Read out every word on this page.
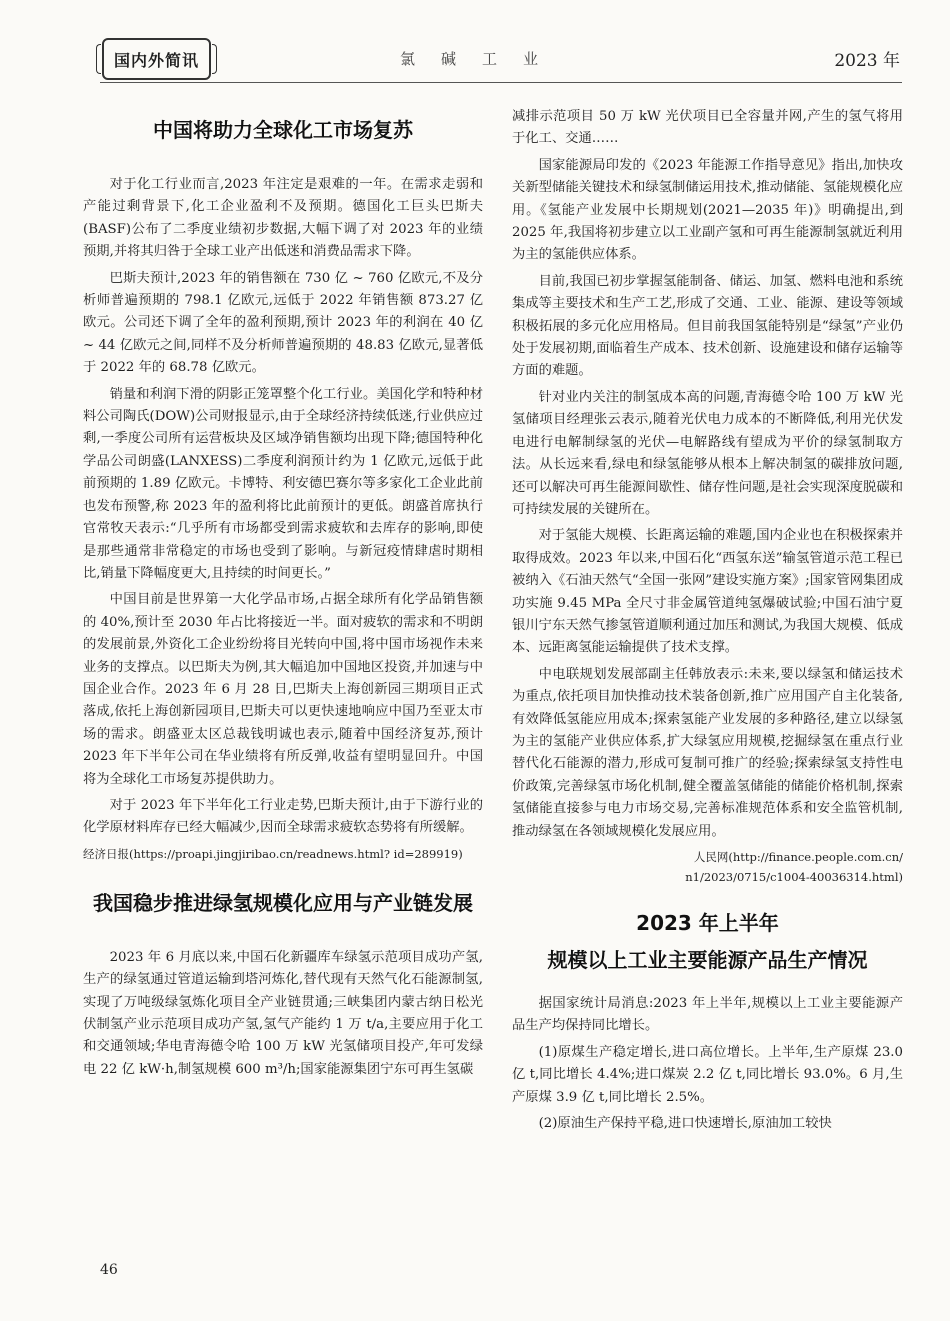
国内外简讯	氯碱工业	2023 年
中国将助力全球化工市场复苏

对于化工行业而言,2023 年注定是艰难的一年。在需求走弱和产能过剩背景下,化工企业盈利不及预期。德国化工巨头巴斯夫(BASF)公布了二季度业绩初步数据,大幅下调了对 2023 年的业绩预期,并将其归咎于全球工业产出低迷和消费品需求下降。

巴斯夫预计,2023 年的销售额在 730 亿 ~ 760 亿欧元,不及分析师普遍预期的 798.1 亿欧元,远低于 2022 年销售额 873.27 亿欧元。公司还下调了全年的盈利预期,预计 2023 年的利润在 40 亿 ~ 44 亿欧元之间,同样不及分析师普遍预期的 48.83 亿欧元,显著低于 2022 年的 68.78 亿欧元。

销量和利润下滑的阴影正笼罩整个化工行业。美国化学和特种材料公司陶氏(DOW)公司财报显示,由于全球经济持续低迷,行业供应过剩,一季度公司所有运营板块及区域净销售额均出现下降;德国特种化学品公司朗盛(LANXESS)二季度利润预计约为 1 亿欧元,远低于此前预期的 1.89 亿欧元。卡博特、利安德巴赛尔等多家化工企业此前也发布预警,称 2023 年的盈利将比此前预计的更低。朗盛首席执行官常牧天表示:“几乎所有市场都受到需求疲软和去库存的影响,即使是那些通常非常稳定的市场也受到了影响。与新冠疫情肆虐时期相比,销量下降幅度更大,且持续的时间更长。”

中国目前是世界第一大化学品市场,占据全球所有化学品销售额的 40%,预计至 2030 年占比将接近一半。面对疲软的需求和不明朗的发展前景,外资化工企业纷纷将目光转向中国,将中国市场视作未来业务的支撑点。以巴斯夫为例,其大幅追加中国地区投资,并加速与中国企业合作。2023 年 6 月 28 日,巴斯夫上海创新园三期项目正式落成,依托上海创新园项目,巴斯夫可以更快速地响应中国乃至亚太市场的需求。朗盛亚太区总裁钱明诚也表示,随着中国经济复苏,预计 2023 年下半年公司在华业绩将有所反弹,收益有望明显回升。中国将为全球化工市场复苏提供助力。

对于 2023 年下半年化工行业走势,巴斯夫预计,由于下游行业的化学原材料库存已经大幅减少,因而全球需求疲软态势将有所缓解。

经济日报(https://proapi.jingjiribao.cn/readnews.html? id=289919)
我国稳步推进绿氢规模化应用与产业链发展

2023 年 6 月底以来,中国石化新疆库车绿氢示范项目成功产氢,生产的绿氢通过管道运输到塔河炼化,替代现有天然气化石能源制氢,实现了万吨级绿氢炼化项目全产业链贯通;三峡集团内蒙古纳日松光伏制氢产业示范项目成功产氢,氢气产能约 1 万 t/a,主要应用于化工和交通领域;华电青海德令哈 100 万 kW 光氢储项目投产,年可发绿电 22 亿 kW·h,制氢规模 600 m³/h;国家能源集团宁东可再生氢碳

减排示范项目 50 万 kW 光伏项目已全容量并网,产生的氢气将用于化工、交通……

国家能源局印发的《2023 年能源工作指导意见》指出,加快攻关新型储能关键技术和绿氢制储运用技术,推动储能、氢能规模化应用。《氢能产业发展中长期规划(2021—2035 年)》明确提出,到 2025 年,我国将初步建立以工业副产氢和可再生能源制氢就近利用为主的氢能供应体系。

目前,我国已初步掌握氢能制备、储运、加氢、燃料电池和系统集成等主要技术和生产工艺,形成了交通、工业、能源、建设等领域积极拓展的多元化应用格局。但目前我国氢能特别是“绿氢”产业仍处于发展初期,面临着生产成本、技术创新、设施建设和储存运输等方面的难题。

针对业内关注的制氢成本高的问题,青海德令哈 100 万 kW 光氢储项目经理张云表示,随着光伏电力成本的不断降低,利用光伏发电进行电解制绿氢的光伏—电解路线有望成为平价的绿氢制取方法。从长远来看,绿电和绿氢能够从根本上解决制氢的碳排放问题,还可以解决可再生能源间歇性、储存性问题,是社会实现深度脱碳和可持续发展的关键所在。

对于氢能大规模、长距离运输的难题,国内企业也在积极探索并取得成效。2023 年以来,中国石化“西氢东送”输氢管道示范工程已被纳入《石油天然气“全国一张网”建设实施方案》;国家管网集团成功实施 9.45 MPa 全尺寸非金属管道纯氢爆破试验;中国石油宁夏银川宁东天然气掺氢管道顺利通过加压和测试,为我国大规模、低成本、远距离氢能运输提供了技术支撑。

中电联规划发展部副主任韩放表示:未来,要以绿氢和储运技术为重点,依托项目加快推动技术装备创新,推广应用国产自主化装备,有效降低氢能应用成本;探索氢能产业发展的多种路径,建立以绿氢为主的氢能产业供应体系,扩大绿氢应用规模,挖掘绿氢在重点行业替代化石能源的潜力,形成可复制可推广的经验;探索绿氢支持性电价政策,完善绿氢市场化机制,健全覆盖氢储能的储能价格机制,探索氢储能直接参与电力市场交易,完善标准规范体系和安全监管机制,推动绿氢在各领域规模化发展应用。

人民网(http://finance.people.com.cn/
n1/2023/0715/c1004-40036314.html)
2023 年上半年
规模以上工业主要能源产品生产情况

据国家统计局消息:2023 年上半年,规模以上工业主要能源产品生产均保持同比增长。

(1)原煤生产稳定增长,进口高位增长。上半年,生产原煤 23.0 亿 t,同比增长 4.4%;进口煤炭 2.2 亿 t,同比增长 93.0%。6 月,生产原煤 3.9 亿 t,同比增长 2.5%。

(2)原油生产保持平稳,进口快速增长,原油加工较快

46
